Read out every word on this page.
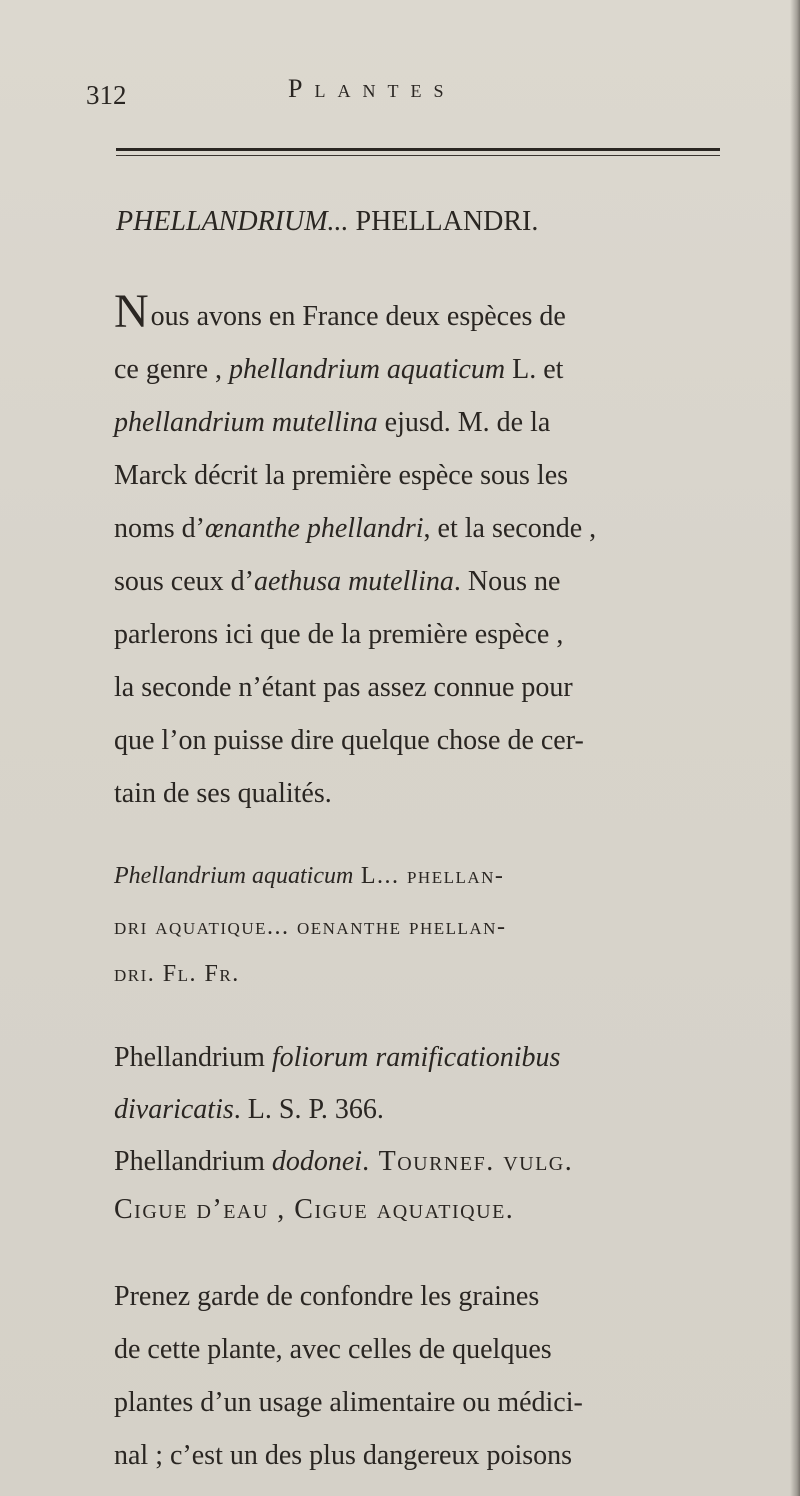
312	Plantes
PHELLANDRIUM... PHELLANDRI.
Nous avons en France deux espèces de
ce genre , phellandrium aquaticum L. et
phellandrium mutellina ejusd. M. de la
Marck décrit la première espèce sous les
noms d’œnanthe phellandri, et la seconde ,
sous ceux d’aethusa mutellina. Nous ne
parlerons ici que de la première espèce ,
la seconde n’étant pas assez connue pour
que l’on puisse dire quelque chose de cer-
tain de ses qualités.
Phellandrium aquaticum L... phellan-
dri aquatique... oenanthe phellan-
dri. Fl. Fr.
Phellandrium foliorum ramificationibus
divaricatis. L. S. P. 366.
Phellandrium dodonei. Tournef. vulg.
Cigue d’eau , Cigue aquatique.
Prenez garde de confondre les graines
de cette plante, avec celles de quelques
plantes d’un usage alimentaire ou médici-
nal ; c’est un des plus dangereux poisons
